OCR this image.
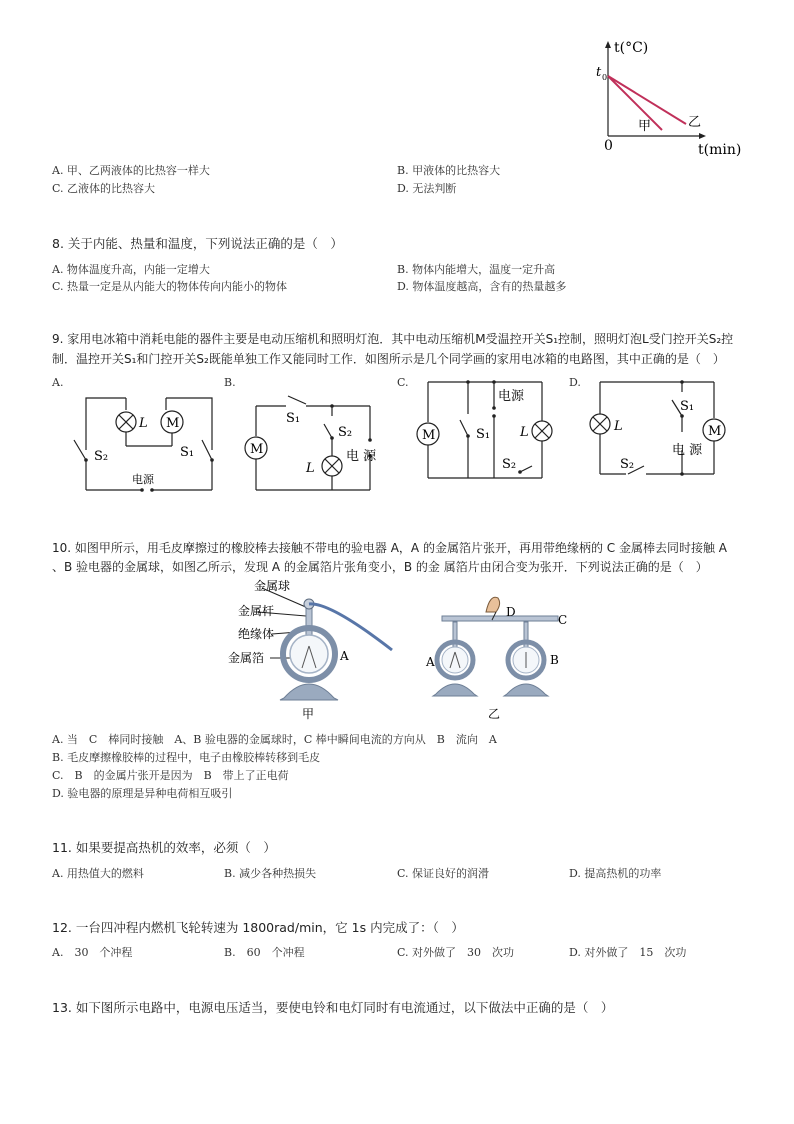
t(°C)
t 0
甲	乙
0	t(min)
A. 甲、乙两液体的比热容一样大	B. 甲液体的比热容大
C. 乙液体的比热容大	D. 无法判断
8. 关于内能、热量和温度，下列说法正确的是（　）
A. 物体温度升高，内能一定增大	B. 物体内能增大，温度一定升高
C. 热量一定是从内能大的物体传向内能小的物体	D. 物体温度越高，含有的热量越多
9. 家用电冰箱中消耗电能的器件主要是电动压缩机和照明灯泡．其中电动压缩机M受温控开关S₁控制，照明灯泡L受门控开关S₂控
制．温控开关S₁和门控开关S₂既能单独工作又能同时工作．如图所示是几个同学画的家用电冰箱的电路图，其中正确的是（　）
A.	B.	C.	D.
L M
S₂	S₁
电源
M
S₁
S₂
L
电 源
电源
M	S₁ L
S₂
L
S₁
M
电 源
S₂
10. 如图甲所示，用毛皮摩擦过的橡胶棒去接触不带电的验电器 A，A 的金属箔片张开，再用带绝缘柄的 C 金属棒去同时接触 A
、B 验电器的金属球，如图乙所示，发现 A 的金属箔片张角变小，B 的金 属箔片由闭合变为张开．下列说法正确的是（　）
金属球
金属杆
绝缘体
金属箔	A
甲
D
C
A	B
乙
A. 当　C　棒同时接触　A、B 验电器的金属球时，C 棒中瞬间电流的方向从　B　流向　A
B. 毛皮摩擦橡胶棒的过程中，电子由橡胶棒转移到毛皮
C.　B　的金属片张开是因为　B　带上了正电荷
D. 验电器的原理是异种电荷相互吸引
11. 如果要提高热机的效率，必须（　）
A. 用热值大的燃料	B. 减少各种热损失	C. 保证良好的润滑	D. 提高热机的功率
12. 一台四冲程内燃机飞轮转速为 1800rad/min，它 1s 内完成了：（　）
A.　30　个冲程	B.　60　个冲程	C. 对外做了　30　次功	D. 对外做了　15　次功
13. 如下图所示电路中，电源电压适当，要使电铃和电灯同时有电流通过，以下做法中正确的是（　）
